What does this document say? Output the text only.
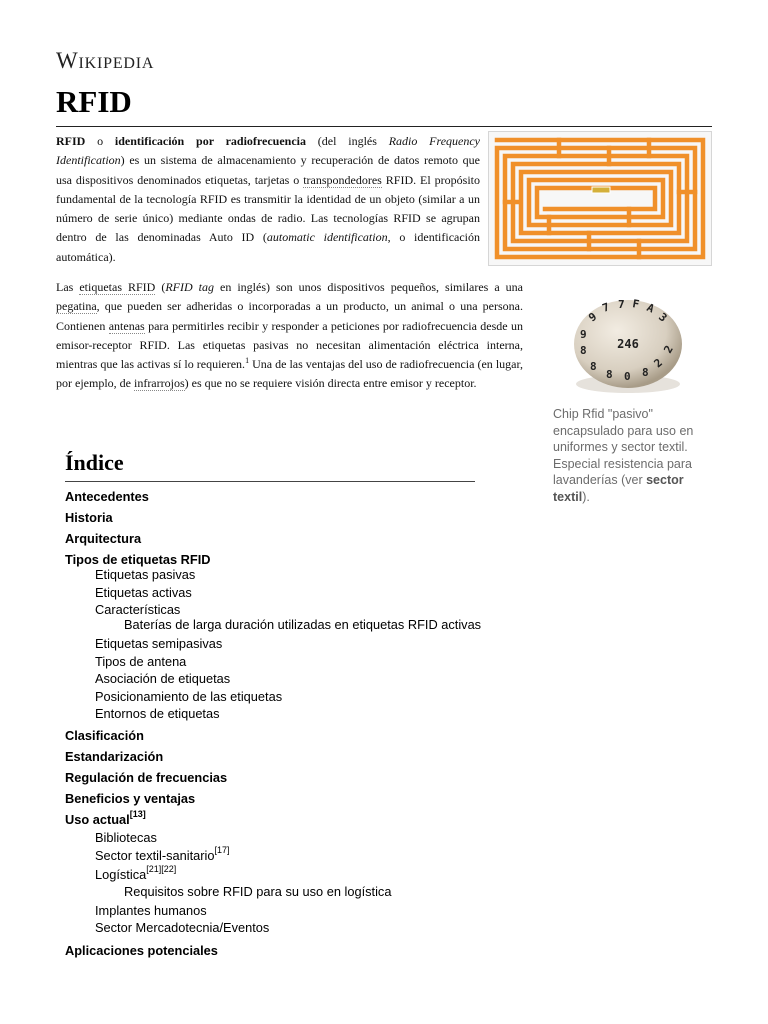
Wikipedia
RFID
RFID o identificación por radiofrecuencia (del inglés Radio Frequency Identification) es un sistema de almacenamiento y recuperación de datos remoto que usa dispositivos denominados etiquetas, tarjetas o transpondedores RFID. El propósito fundamental de la tecnología RFID es transmitir la identidad de un objeto (similar a un número de serie único) mediante ondas de radio. Las tecnologías RFID se agrupan dentro de las denominadas Auto ID (automatic identification, o identificación automática).
Las etiquetas RFID (RFID tag en inglés) son unos dispositivos pequeños, similares a una pegatina, que pueden ser adheridas o incorporadas a un producto, un animal o una persona. Contienen antenas para permitirles recibir y responder a peticiones por radiofrecuencia desde un emisor-receptor RFID. Las etiquetas pasivas no necesitan alimentación eléctrica interna, mientras que las activas sí lo requieren.$^1$ Una de las ventajas del uso de radiofrecuencia (en lugar, por ejemplo, de infrarrojos) es que no se requiere visión directa entre emisor y receptor.
246
9
7 7 F A
3
9
8
8
8 0 8
2
2
Chip Rfid "pasivo" encapsulado para uso en uniformes y sector textil. Especial resistencia para lavanderías (ver sector textil).
Índice
Antecedentes
Historia
Arquitectura
Tipos de etiquetas RFID
Etiquetas pasivas
Etiquetas activas
Características
Baterías de larga duración utilizadas en etiquetas RFID activas
Etiquetas semipasivas
Tipos de antena
Asociación de etiquetas
Posicionamiento de las etiquetas
Entornos de etiquetas
Clasificación
Estandarización
Regulación de frecuencias
Beneficios y ventajas
Uso actual[13]
Bibliotecas
Sector textil-sanitario[17]
Logística[21][22]
Requisitos sobre RFID para su uso en logística
Implantes humanos
Sector Mercadotecnia/Eventos
Aplicaciones potenciales
